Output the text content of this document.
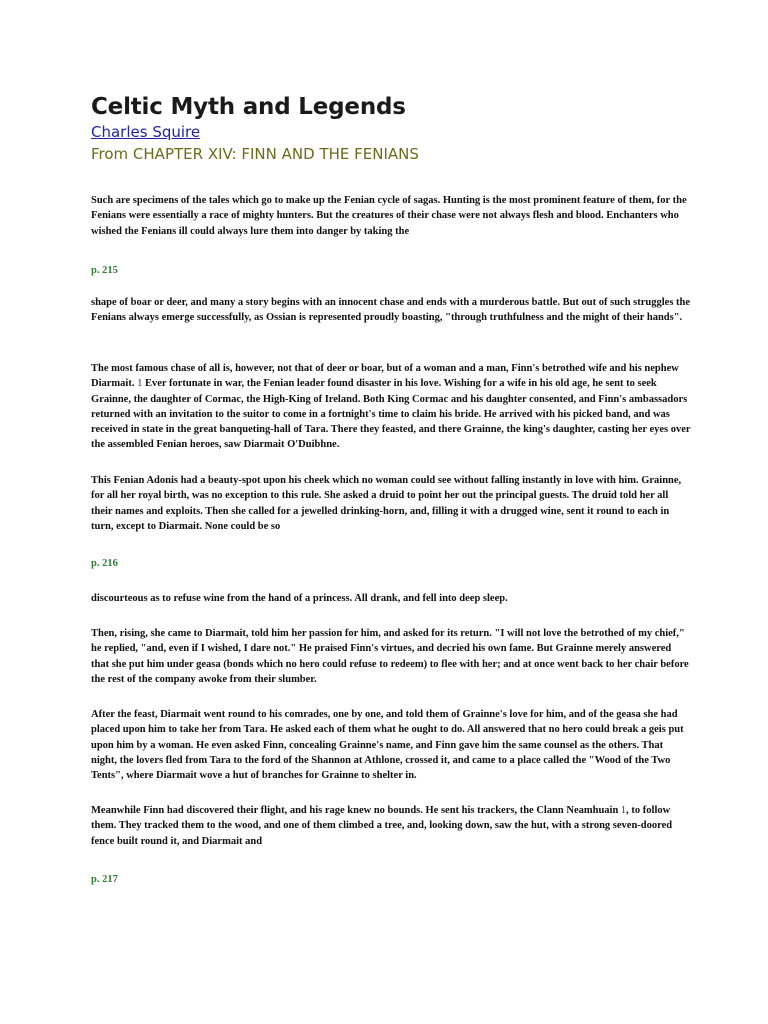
Celtic Myth and Legends
Charles Squire
From CHAPTER XIV: FINN AND THE FENIANS

Such are specimens of the tales which go to make up the Fenian cycle of sagas. Hunting is the most prominent feature of them, for the Fenians were essentially a race of mighty hunters. But the creatures of their chase were not always flesh and blood. Enchanters who wished the Fenians ill could always lure them into danger by taking the

p. 215

shape of boar or deer, and many a story begins with an innocent chase and ends with a murderous battle. But out of such struggles the Fenians always emerge successfully, as Ossian is represented proudly boasting, "through truthfulness and the might of their hands".

The most famous chase of all is, however, not that of deer or boar, but of a woman and a man, Finn's betrothed wife and his nephew Diarmait. 1 Ever fortunate in war, the Fenian leader found disaster in his love. Wishing for a wife in his old age, he sent to seek Grainne, the daughter of Cormac, the High-King of Ireland. Both King Cormac and his daughter consented, and Finn's ambassadors returned with an invitation to the suitor to come in a fortnight's time to claim his bride. He arrived with his picked band, and was received in state in the great banqueting-hall of Tara. There they feasted, and there Grainne, the king's daughter, casting her eyes over the assembled Fenian heroes, saw Diarmait O'Duibhne.

This Fenian Adonis had a beauty-spot upon his cheek which no woman could see without falling instantly in love with him. Grainne, for all her royal birth, was no exception to this rule. She asked a druid to point her out the principal guests. The druid told her all their names and exploits. Then she called for a jewelled drinking-horn, and, filling it with a drugged wine, sent it round to each in turn, except to Diarmait. None could be so

p. 216

discourteous as to refuse wine from the hand of a princess. All drank, and fell into deep sleep.

Then, rising, she came to Diarmait, told him her passion for him, and asked for its return. "I will not love the betrothed of my chief," he replied, "and, even if I wished, I dare not." He praised Finn's virtues, and decried his own fame. But Grainne merely answered that she put him under geasa (bonds which no hero could refuse to redeem) to flee with her; and at once went back to her chair before the rest of the company awoke from their slumber.

After the feast, Diarmait went round to his comrades, one by one, and told them of Grainne's love for him, and of the geasa she had placed upon him to take her from Tara. He asked each of them what he ought to do. All answered that no hero could break a geis put upon him by a woman. He even asked Finn, concealing Grainne's name, and Finn gave him the same counsel as the others. That night, the lovers fled from Tara to the ford of the Shannon at Athlone, crossed it, and came to a place called the "Wood of the Two Tents", where Diarmait wove a hut of branches for Grainne to shelter in.

Meanwhile Finn had discovered their flight, and his rage knew no bounds. He sent his trackers, the Clann Neamhuain 1, to follow them. They tracked them to the wood, and one of them climbed a tree, and, looking down, saw the hut, with a strong seven-doored fence built round it, and Diarmait and

p. 217
